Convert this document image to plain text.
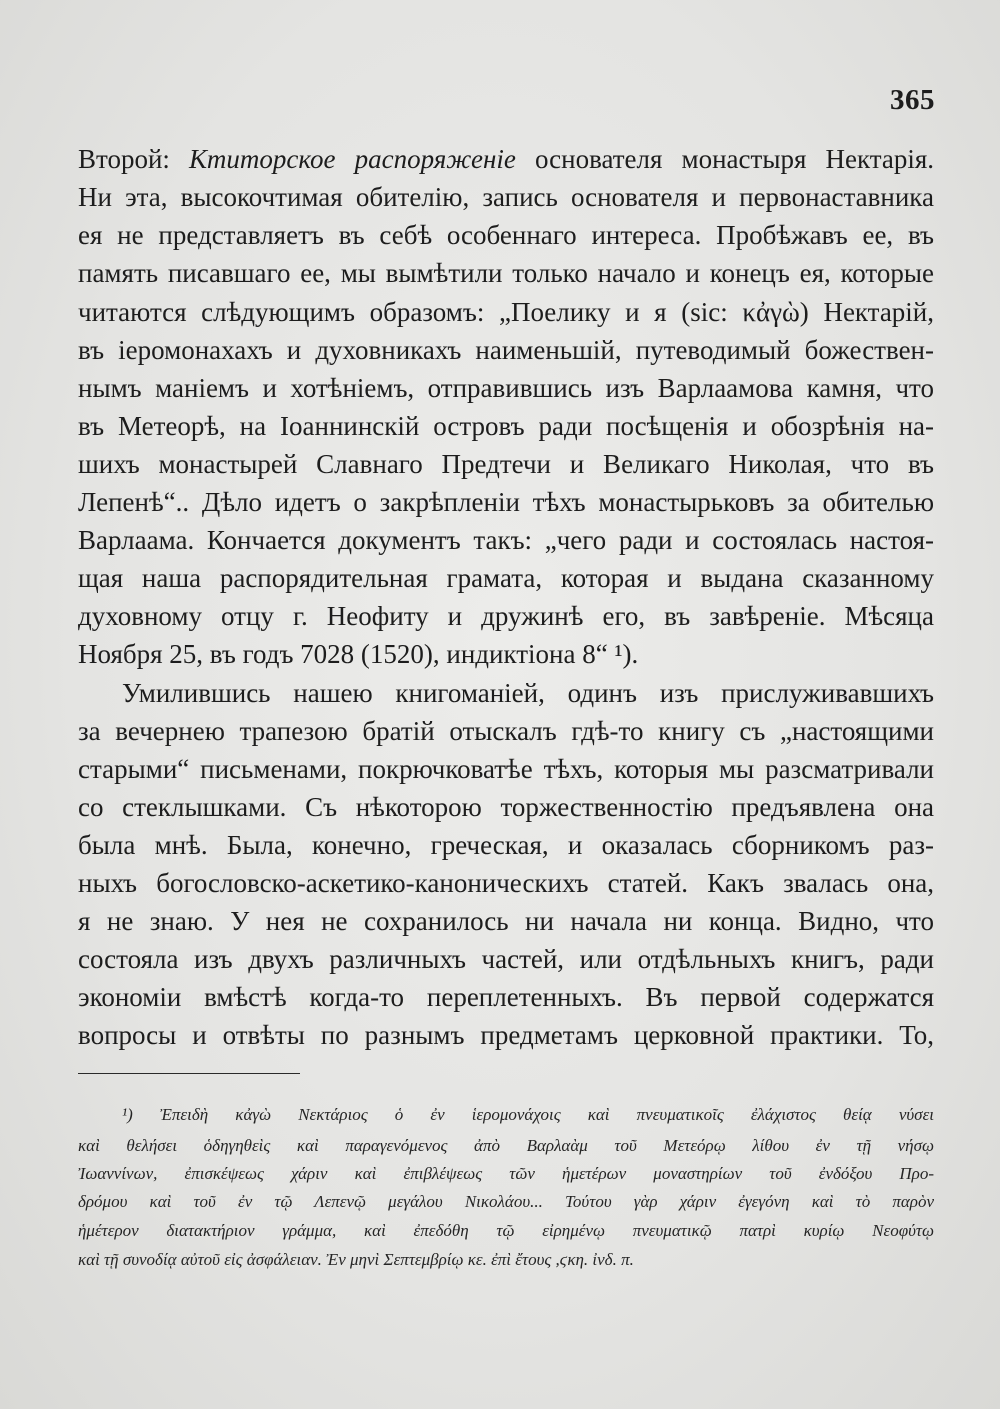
365
Второй: Ктиторское распоряженіе основателя монастыря Нектарія.
Ни эта, высокочтимая обителію, запись основателя и первонаставника
ея не представляетъ въ себѣ особеннаго интереса. Пробѣжавъ ее, въ
память писавшаго ее, мы вымѣтили только начало и конецъ ея, которые
читаются слѣдующимъ образомъ: „Поелику и я (sic: κἀγὼ) Нектарій,
въ іеромонахахъ и духовникахъ наименьшій, путеводимый божествен-
нымъ маніемъ и хотѣніемъ, отправившись изъ Варлаамова камня, что
въ Метеорѣ, на Іоаннинскій островъ ради посѣщенія и обозрѣнія на-
шихъ монастырей Славнаго Предтечи и Великаго Николая, что въ
Лепенѣ“.. Дѣло идетъ о закрѣпленіи тѣхъ монастырьковъ за обителью
Варлаама. Кончается документъ такъ: „чего ради и состоялась настоя-
щая наша распорядительная грамата, которая и выдана сказанному
духовному отцу г. Неофиту и дружинѣ его, въ завѣреніе. Мѣсяца
Ноября 25, въ годъ 7028 (1520), индиктіона 8“ ¹).
Умилившись нашею книгоманіей, одинъ изъ прислуживавшихъ
за вечернею трапезою братій отыскалъ гдѣ-то книгу съ „настоящими
старыми“ письменами, покрючковатѣе тѣхъ, которыя мы разсматривали
со стеклышками. Съ нѣкоторою торжественностію предъявлена она
была мнѣ. Была, конечно, греческая, и оказалась сборникомъ раз-
ныхъ богословско-аскетико-каноническихъ статей. Какъ звалась она,
я не знаю. У нея не сохранилось ни начала ни конца. Видно, что
состояла изъ двухъ различныхъ частей, или отдѣльныхъ книгъ, ради
экономіи вмѣстѣ когда-то переплетенныхъ. Въ первой содержатся
вопросы и отвѣты по разнымъ предметамъ церковной практики. То,
¹) Ἐπειδὴ κἀγὼ Νεκτάριος ὁ ἐν ἱερομονάχοις καὶ πνευματικοῖς ἐλάχιστος θείᾳ νύσει
καὶ θελήσει ὁδηγηθεὶς καὶ παραγενόμενος ἀπὸ Βαρλαὰμ τοῦ Μετεόρῳ λίθου ἐν τῇ νήσῳ
Ἰωαννίνων, ἐπισκέψεως χάριν καὶ ἐπιβλέψεως τῶν ἡμετέρων μοναστηρίων τοῦ ἐνδόξου Προ-
δρόμου καὶ τοῦ ἐν τῷ Λεπενῷ μεγάλου Νικολάου... Τούτου γὰρ χάριν ἐγεγόνη καὶ τὸ παρὸν
ἡμέτερον διατακτήριον γράμμα, καὶ ἐπεδόθη τῷ εἰρημένῳ πνευματικῷ πατρὶ κυρίῳ Νεοφύτῳ
καὶ τῇ συνοδίᾳ αὐτοῦ εἰς ἀσφάλειαν. Ἐν μηνὶ Σεπτεμβρίῳ κε. ἐπὶ ἔτους ,ϛκη. ἰνδ. π.
